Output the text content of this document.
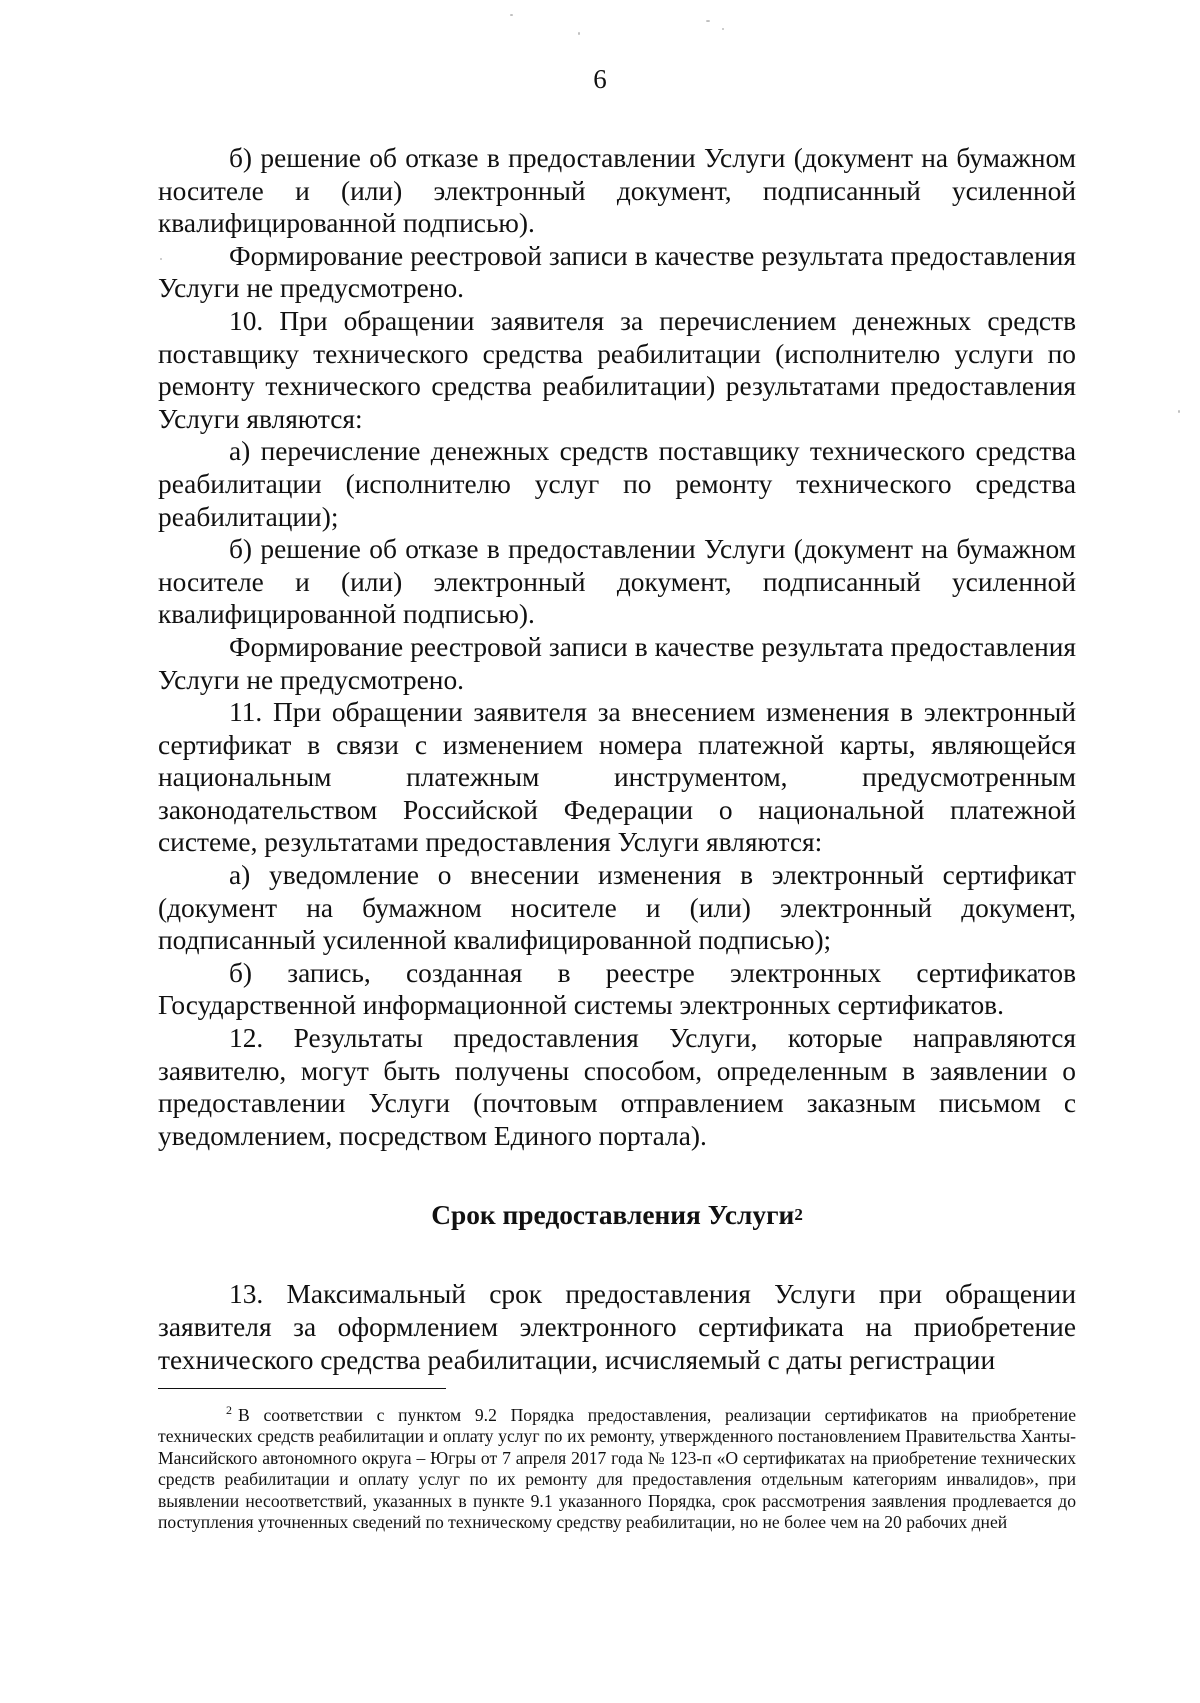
6

б) решение об отказе в предоставлении Услуги (документ на бумажном носителе и (или) электронный документ, подписанный усиленной квалифицированной подписью).

Формирование реестровой записи в качестве результата предоставления Услуги не предусмотрено.

10. При обращении заявителя за перечислением денежных средств поставщику технического средства реабилитации (исполнителю услуги по ремонту технического средства реабилитации) результатами предоставления Услуги являются:

а) перечисление денежных средств поставщику технического средства реабилитации (исполнителю услуг по ремонту технического средства реабилитации);

б) решение об отказе в предоставлении Услуги (документ на бумажном носителе и (или) электронный документ, подписанный усиленной квалифицированной подписью).

Формирование реестровой записи в качестве результата предоставления Услуги не предусмотрено.

11. При обращении заявителя за внесением изменения в электронный сертификат в связи с изменением номера платежной карты, являющейся национальным платежным инструментом, предусмотренным законодательством Российской Федерации о национальной платежной системе, результатами предоставления Услуги являются:

а) уведомление о внесении изменения в электронный сертификат (документ на бумажном носителе и (или) электронный документ, подписанный усиленной квалифицированной подписью);

б) запись, созданная в реестре электронных сертификатов Государственной информационной системы электронных сертификатов.

12. Результаты предоставления Услуги, которые направляются заявителю, могут быть получены способом, определенным в заявлении о предоставлении Услуги (почтовым отправлением заказным письмом с уведомлением, посредством Единого портала).

Срок предоставления Услуги 2

13. Максимальный срок предоставления Услуги при обращении заявителя за оформлением электронного сертификата на приобретение технического средства реабилитации, исчисляемый с даты регистрации

$^2$ В соответствии с пунктом 9.2 Порядка предоставления, реализации сертификатов на приобретение технических средств реабилитации и оплату услуг по их ремонту, утвержденного постановлением Правительства Ханты-Мансийского автономного округа – Югры от 7 апреля 2017 года № 123-п «О сертификатах на приобретение технических средств реабилитации и оплату услуг по их ремонту для предоставления отдельным категориям инвалидов», при выявлении несоответствий, указанных в пункте 9.1 указанного Порядка, срок рассмотрения заявления продлевается до поступления уточненных сведений по техническому средству реабилитации, но не более чем на 20 рабочих дней
